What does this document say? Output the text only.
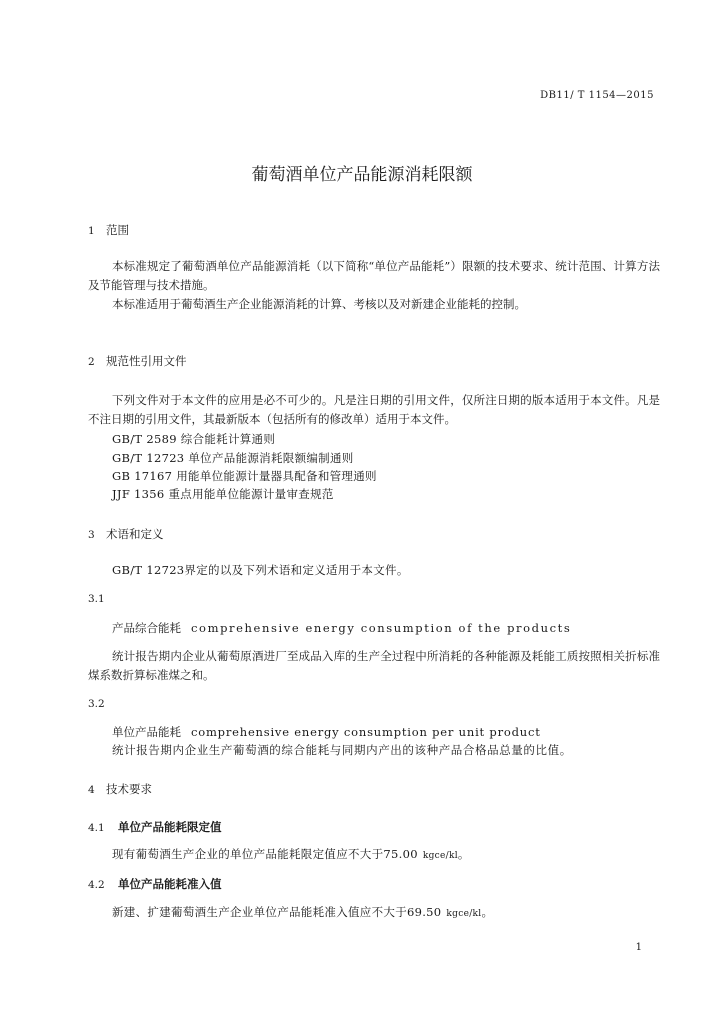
DB11/ T 1154—2015
葡萄酒单位产品能源消耗限额
1 范围
本标准规定了葡萄酒单位产品能源消耗（以下简称“单位产品能耗”）限额的技术要求、统计范围、计算方法及节能管理与技术措施。
本标准适用于葡萄酒生产企业能源消耗的计算、考核以及对新建企业能耗的控制。
2 规范性引用文件
下列文件对于本文件的应用是必不可少的。凡是注日期的引用文件，仅所注日期的版本适用于本文件。凡是不注日期的引用文件，其最新版本（包括所有的修改单）适用于本文件。
GB/T 2589 综合能耗计算通则
GB/T 12723 单位产品能源消耗限额编制通则
GB 17167 用能单位能源计量器具配备和管理通则
JJF 1356 重点用能单位能源计量审查规范
3 术语和定义
GB/T 12723界定的以及下列术语和定义适用于本文件。
3.1
产品综合能耗 comprehensive energy consumption of the products
统计报告期内企业从葡萄原酒进厂至成品入库的生产全过程中所消耗的各种能源及耗能工质按照相关折标准煤系数折算标准煤之和。
3.2
单位产品能耗 comprehensive energy consumption per unit product
统计报告期内企业生产葡萄酒的综合能耗与同期内产出的该种产品合格品总量的比值。
4 技术要求
4.1 单位产品能耗限定值
现有葡萄酒生产企业的单位产品能耗限定值应不大于75.00 kgce/kl。
4.2 单位产品能耗准入值
新建、扩建葡萄酒生产企业单位产品能耗准入值应不大于69.50 kgce/kl。
1
